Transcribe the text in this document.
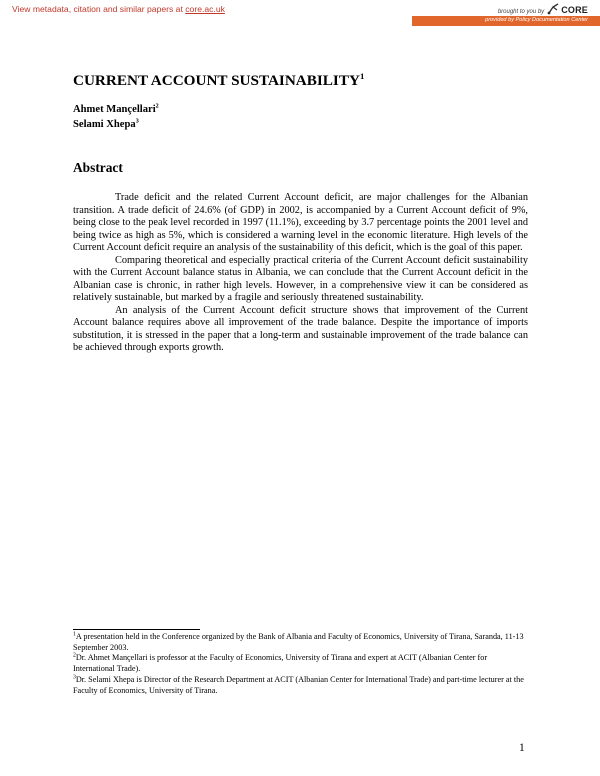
View metadata, citation and similar papers at core.ac.uk	brought to you by CORE
provided by Policy Documentation Center
CURRENT ACCOUNT SUSTAINABILITY$^1$
Ahmet Mançellari$^2$
Selami Xhepa$^3$
Abstract

Trade deficit and the related Current Account deficit, are major challenges for the Albanian transition. A trade deficit of 24.6% (of GDP) in 2002, is accompanied by a Current Account deficit of 9%, being close to the peak level recorded in 1997 (11.1%), exceeding by 3.7 percentage points the 2001 level and being twice as high as 5%, which is considered a warning level in the economic literature. High levels of the Current Account deficit require an analysis of the sustainability of this deficit, which is the goal of this paper.

Comparing theoretical and especially practical criteria of the Current Account deficit sustainability with the Current Account balance status in Albania, we can conclude that the Current Account deficit in the Albanian case is chronic, in rather high levels. However, in a comprehensive view it can be considered as relatively sustainable, but marked by a fragile and seriously threatened sustainability.

An analysis of the Current Account deficit structure shows that improvement of the Current Account balance requires above all improvement of the trade balance. Despite the importance of imports substitution, it is stressed in the paper that a long-term and sustainable improvement of the trade balance can be achieved through exports growth.

$^1$A presentation held in the Conference organized by the Bank of Albania and Faculty of Economics, University of Tirana, Saranda, 11-13 September 2003.

$^2$Dr. Ahmet Mançellari is professor at the Faculty of Economics, University of Tirana and expert at ACIT (Albanian Center for International Trade).

$^3$Dr. Selami Xhepa is Director of the Research Department at ACIT (Albanian Center for International Trade) and part-time lecturer at the Faculty of Economics, University of Tirana.

1
